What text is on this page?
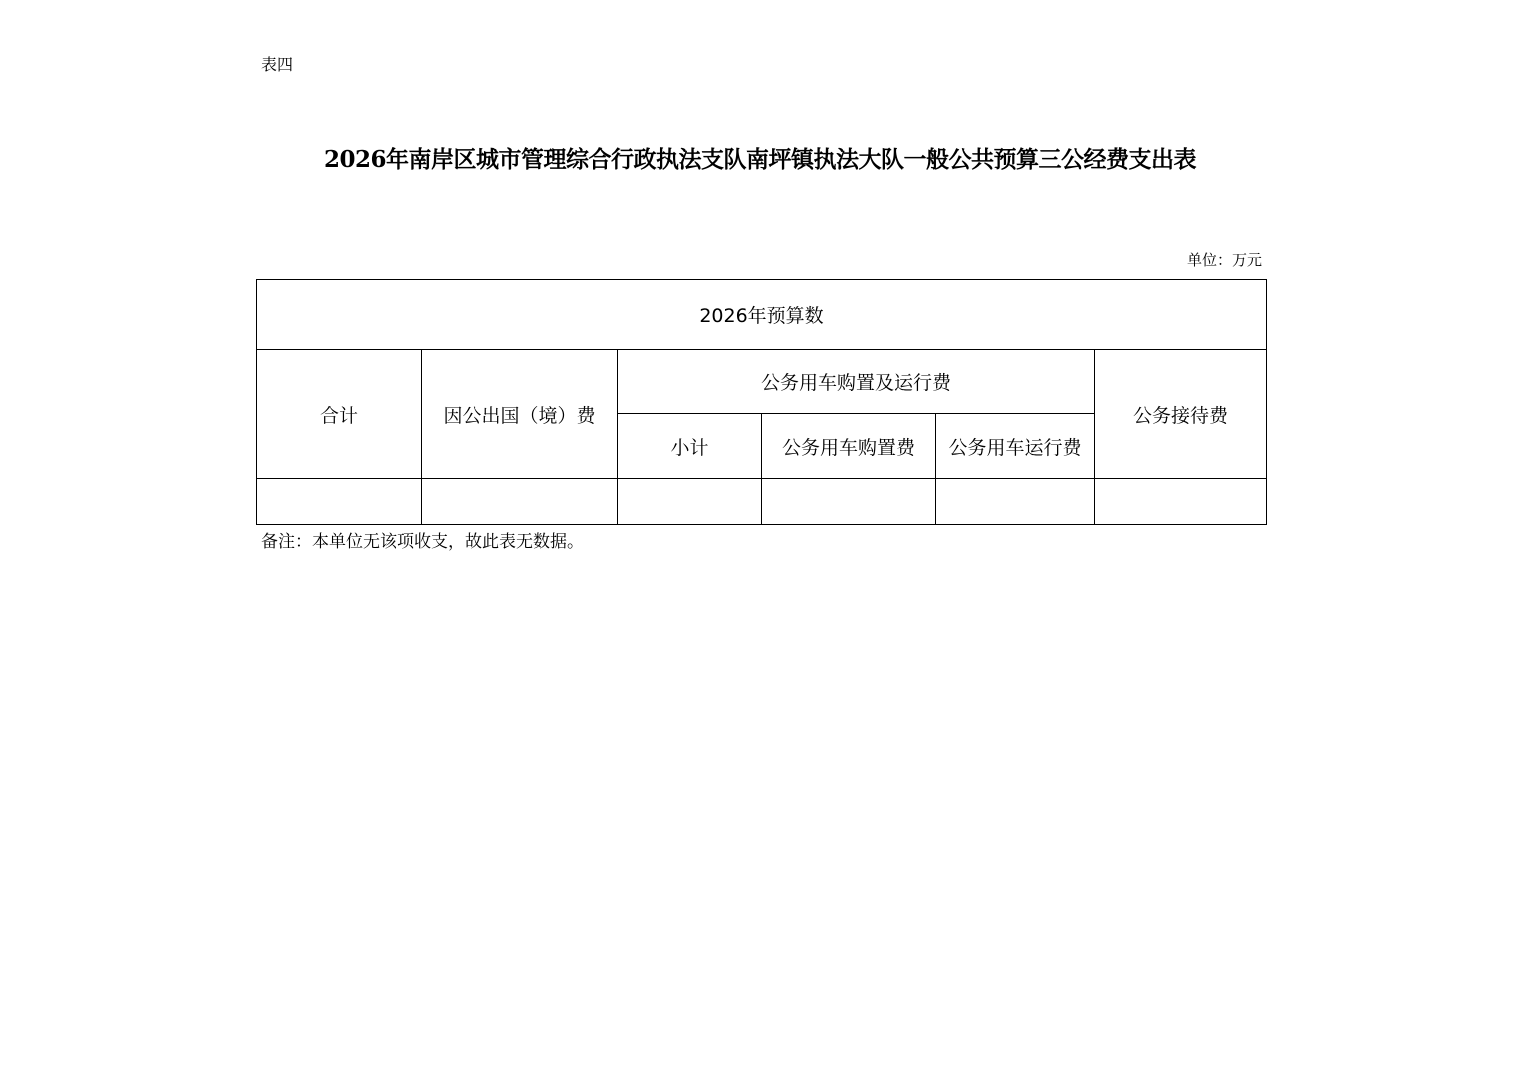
表四
2026年南岸区城市管理综合行政执法支队南坪镇执法大队一般公共预算三公经费支出表
单位：万元
2026年预算数					
合计	因公出国（境）费	公务用车购置及运行费			公务接待费
		小计	公务用车购置费	公务用车运行费	

备注：本单位无该项收支，故此表无数据。
